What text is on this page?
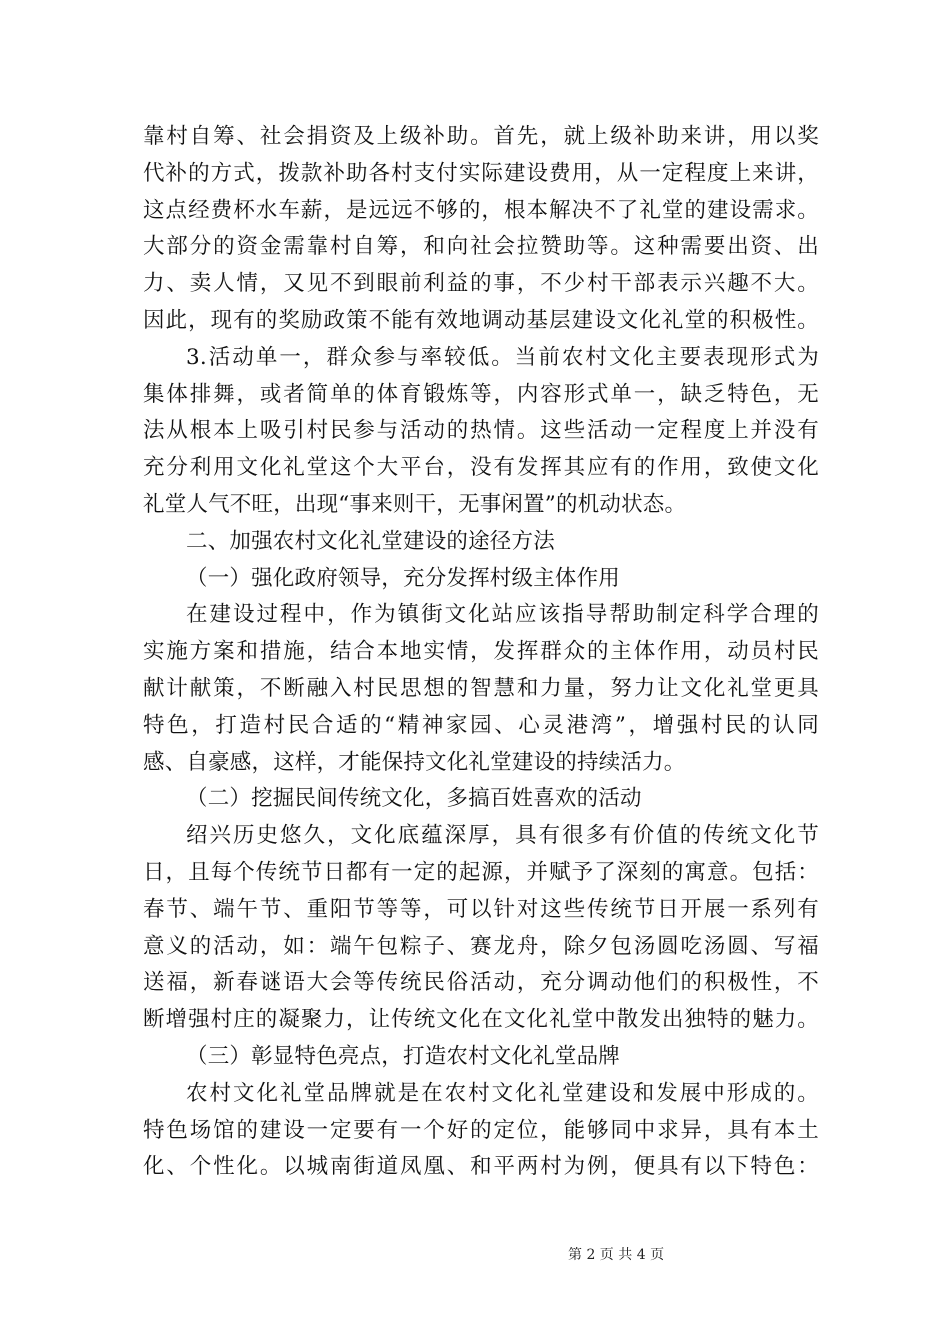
靠村自筹、社会捐资及上级补助。首先，就上级补助来讲，用以奖
代补的方式，拨款补助各村支付实际建设费用，从一定程度上来讲，
这点经费杯水车薪，是远远不够的，根本解决不了礼堂的建设需求。
大部分的资金需靠村自筹，和向社会拉赞助等。这种需要出资、出
力、卖人情，又见不到眼前利益的事，不少村干部表示兴趣不大。
因此，现有的奖励政策不能有效地调动基层建设文化礼堂的积极性。
3.活动单一，群众参与率较低。当前农村文化主要表现形式为
集体排舞，或者简单的体育锻炼等，内容形式单一，缺乏特色，无
法从根本上吸引村民参与活动的热情。这些活动一定程度上并没有
充分利用文化礼堂这个大平台，没有发挥其应有的作用，致使文化
礼堂人气不旺，出现“事来则干，无事闲置”的机动状态。
二、加强农村文化礼堂建设的途径方法
（一）强化政府领导，充分发挥村级主体作用
在建设过程中，作为镇街文化站应该指导帮助制定科学合理的
实施方案和措施，结合本地实情，发挥群众的主体作用，动员村民
献计献策，不断融入村民思想的智慧和力量，努力让文化礼堂更具
特色，打造村民合适的“精神家园、心灵港湾”，增强村民的认同
感、自豪感，这样，才能保持文化礼堂建设的持续活力。
（二）挖掘民间传统文化，多搞百姓喜欢的活动
绍兴历史悠久，文化底蕴深厚，具有很多有价值的传统文化节
日，且每个传统节日都有一定的起源，并赋予了深刻的寓意。包括：
春节、端午节、重阳节等等，可以针对这些传统节日开展一系列有
意义的活动，如：端午包粽子、赛龙舟，除夕包汤圆吃汤圆、写福
送福，新春谜语大会等传统民俗活动，充分调动他们的积极性，不
断增强村庄的凝聚力，让传统文化在文化礼堂中散发出独特的魅力。
（三）彰显特色亮点，打造农村文化礼堂品牌
农村文化礼堂品牌就是在农村文化礼堂建设和发展中形成的。
特色场馆的建设一定要有一个好的定位，能够同中求异，具有本土
化、个性化。以城南街道凤凰、和平两村为例，便具有以下特色：
第 2 页 共 4 页
